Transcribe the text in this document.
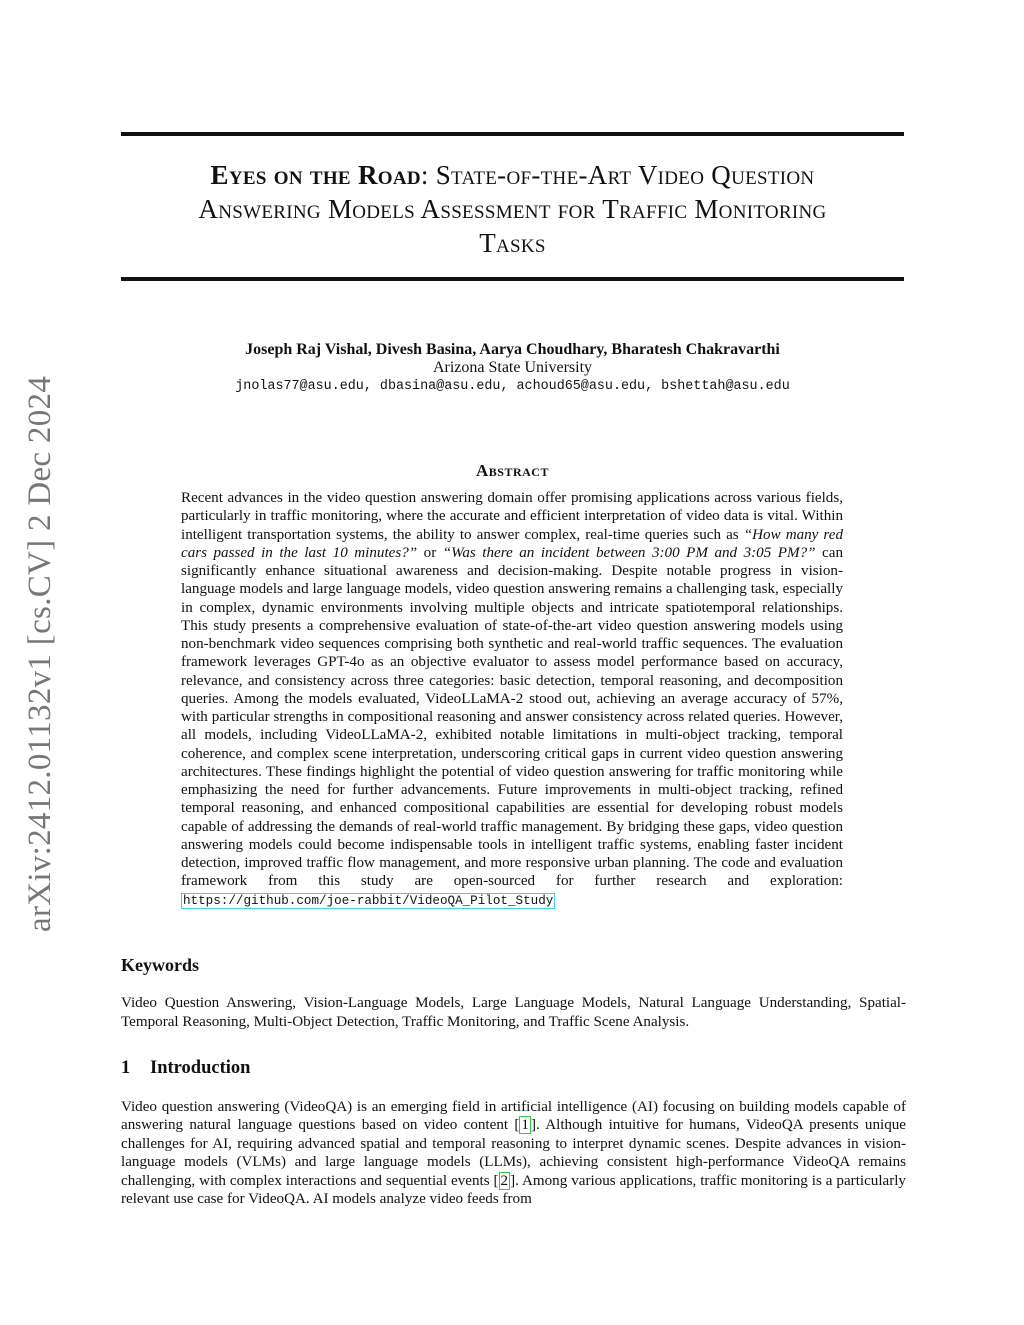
arXiv:2412.01132v1 [cs.CV] 2 Dec 2024
Eyes on the Road: State-of-the-Art Video Question
Answering Models Assessment for Traffic Monitoring
Tasks
Joseph Raj Vishal, Divesh Basina, Aarya Choudhary, Bharatesh Chakravarthi
Arizona State University
jnolas77@asu.edu, dbasina@asu.edu, achoud65@asu.edu, bshettah@asu.edu
Abstract
Recent advances in the video question answering domain offer promising applications across various fields, particularly in traffic monitoring, where the accurate and efficient interpretation of video data is vital. Within intelligent transportation systems, the ability to answer complex, real-time queries such as “How many red cars passed in the last 10 minutes?” or “Was there an incident between 3:00 PM and 3:05 PM?” can significantly enhance situational awareness and decision-making. Despite notable progress in vision-language models and large language models, video question answering remains a challenging task, especially in complex, dynamic environments involving multiple objects and intricate spatiotemporal relationships. This study presents a comprehensive evaluation of state-of-the-art video question answering models using non-benchmark video sequences comprising both synthetic and real-world traffic sequences. The evaluation framework leverages GPT-4o as an objective evaluator to assess model performance based on accuracy, relevance, and consistency across three categories: basic detection, temporal reasoning, and decomposition queries. Among the models evaluated, VideoLLaMA-2 stood out, achieving an average accuracy of 57%, with particular strengths in compositional reasoning and answer consistency across related queries. However, all models, including VideoLLaMA-2, exhibited notable limitations in multi-object tracking, temporal coherence, and complex scene interpretation, underscoring critical gaps in current video question answering architectures. These findings highlight the potential of video question answering for traffic monitoring while emphasizing the need for further advancements. Future improvements in multi-object tracking, refined temporal reasoning, and enhanced compositional capabilities are essential for developing robust models capable of addressing the demands of real-world traffic management. By bridging these gaps, video question answering models could become indispensable tools in intelligent traffic systems, enabling faster incident detection, improved traffic flow management, and more responsive urban planning. The code and evaluation framework from this study are open-sourced for further research and exploration: https://github.com/joe-rabbit/VideoQA_Pilot_Study
Keywords
Video Question Answering, Vision-Language Models, Large Language Models, Natural Language Understanding, Spatial-Temporal Reasoning, Multi-Object Detection, Traffic Monitoring, and Traffic Scene Analysis.
1 Introduction
Video question answering (VideoQA) is an emerging field in artificial intelligence (AI) focusing on building models capable of answering natural language questions based on video content [ 1 ]. Although intuitive for humans, VideoQA presents unique challenges for AI, requiring advanced spatial and temporal reasoning to interpret dynamic scenes. Despite advances in vision-language models (VLMs) and large language models (LLMs), achieving consistent high-performance VideoQA remains challenging, with complex interactions and sequential events [ 2 ]. Among various applications, traffic monitoring is a particularly relevant use case for VideoQA. AI models analyze video feeds from
